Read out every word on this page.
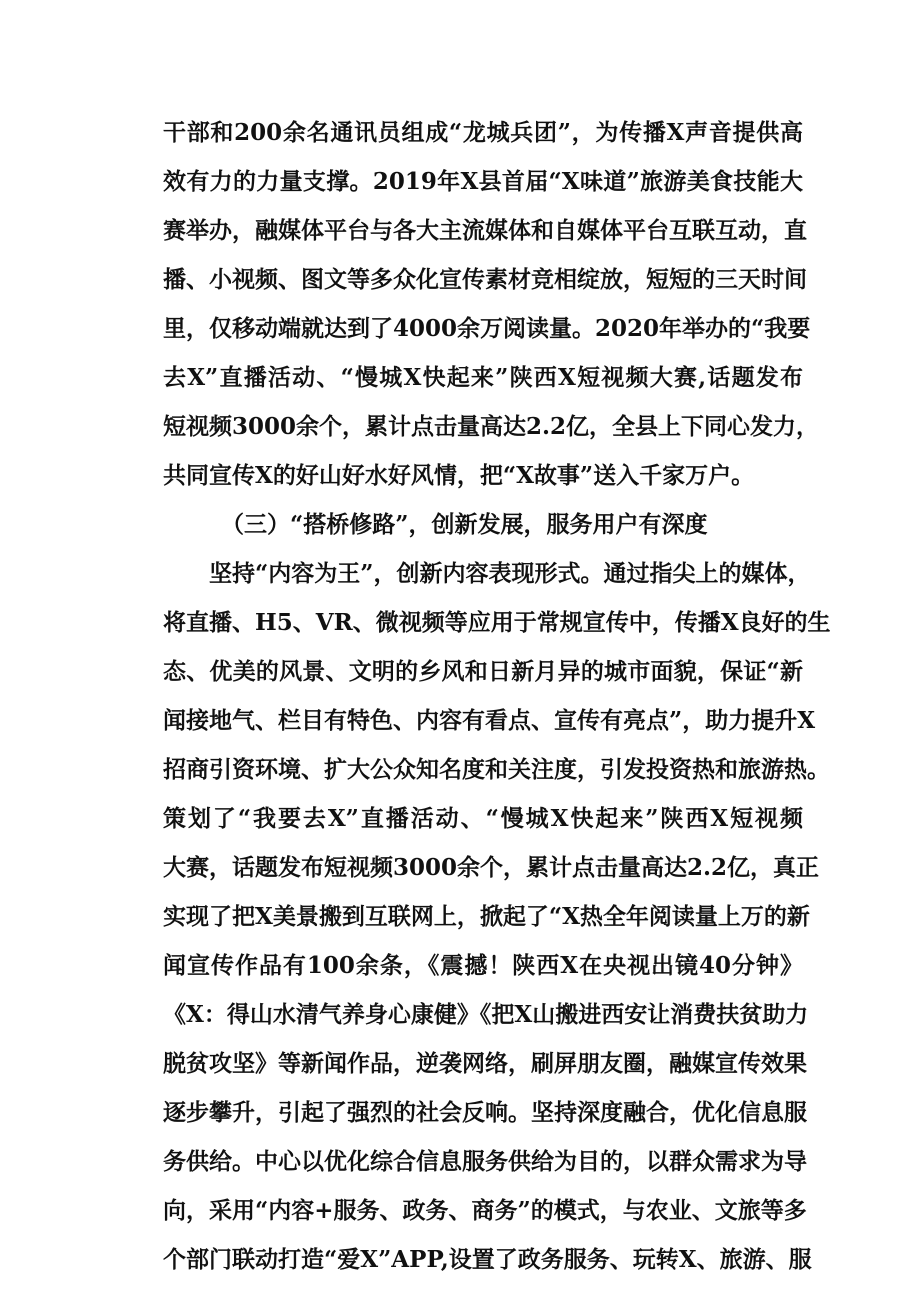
干部和200余名通讯员组成“龙城兵团”，为传播X声音提供高
效有力的力量支撑。2019年X县首届“X味道”旅游美食技能大
赛举办，融媒体平台与各大主流媒体和自媒体平台互联互动，直
播、小视频、图文等多众化宣传素材竞相绽放，短短的三天时间
里，仅移动端就达到了4000余万阅读量。2020年举办的“我要
去X”直播活动、“慢城X快起来”陕西X短视频大赛,话题发布
短视频3000余个，累计点击量高达2.2亿，全县上下同心发力，
共同宣传X的好山好水好风情，把“X故事”送入千家万户。
（三）“搭桥修路”，创新发展，服务用户有深度
坚持“内容为王”，创新内容表现形式。通过指尖上的媒体，
将直播、H5、VR、微视频等应用于常规宣传中，传播X良好的生
态、优美的风景、文明的乡风和日新月异的城市面貌，保证“新
闻接地气、栏目有特色、内容有看点、宣传有亮点”，助力提升X
招商引资环境、扩大公众知名度和关注度，引发投资热和旅游热。
策划了“我要去X”直播活动、“慢城X快起来”陕西X短视频
大赛，话题发布短视频3000余个，累计点击量高达2.2亿，真正
实现了把X美景搬到互联网上，掀起了“X热全年阅读量上万的新
闻宣传作品有100余条，《震撼！陕西X在央视出镜40分钟》
《X：得山水清气养身心康健》《把X山搬进西安让消费扶贫助力
脱贫攻坚》等新闻作品，逆袭网络，刷屏朋友圈，融媒宣传效果
逐步攀升，引起了强烈的社会反响。坚持深度融合，优化信息服
务供给。中心以优化综合信息服务供给为目的，以群众需求为导
向，采用“内容+服务、政务、商务”的模式，与农业、文旅等多
个部门联动打造“爱X”APP,设置了政务服务、玩转X、旅游、服
